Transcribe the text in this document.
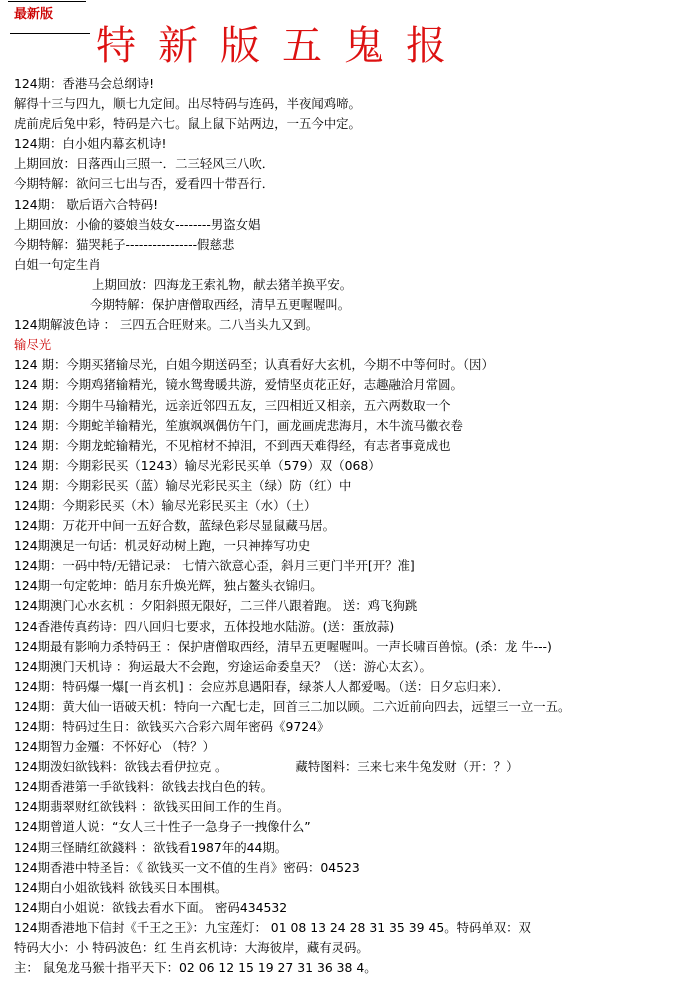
最新版
特新版五鬼报
124期：香港马会总纲诗!
解得十三与四九，顺七九定间。出尽特码与连码，半夜闻鸡啼。
虎前虎后兔中彩，特码是六七。鼠上鼠下站两边，一五今中定。
124期：白小姐内幕玄机诗!
上期回放：日落西山三照一．二三轻风三八吹．
今期特解：欲问三七出与否，爱看四十带吾行．
124期： 歇后语六合特码!
上期回放：小偷的婆娘当妓女--------男盗女娼
今期特解：猫哭耗子----------------假慈悲
白姐一句定生肖
上期回放：四海龙王索礼物，献去猪羊换平安。
今期特解：保护唐僧取西经，清早五更喔喔叫。
124期解波色诗 ： 三四五合旺财来。二八当头九又到。
输尽光
124 期：今期买猪输尽光，白姐今期送码至；认真看好大玄机，今期不中等何时。（因）
124 期：今期鸡猪输精光，镜水鸳鸯暖共游，爱情坚贞花正好，志趣融洽月常圆。
124 期：今期牛马输精光，远亲近邻四五友，三四相近又相亲，五六两数取一个
124 期：今期蛇羊输精光，笙旗飒飒偶仿午门，画龙画虎悲海月，木牛流马徽衣卷
124 期：今期龙蛇输精光，不见棺材不掉泪，不到西天难得经，有志者事竟成也
124 期：今期彩民买（1243）输尽光彩民买单（579）双（068）
124 期：今期彩民买（蓝）输尽光彩民买主（绿）防（红）中
124期：今期彩民买（木）输尽光彩民买主（水）（土）
124期：万花开中间一五好合数，蓝绿色彩尽显鼠藏马居。
124期澳足一句话：机灵好动树上跑，一只神捧写功史
124期：一码中特/无错记录： 七情六欲意心歪，斜月三更门半开[开？准]
124期一句定乾坤：皓月东升焕光辉，独占鳌头衣锦归。
124期澳门心水玄机 ：夕阳斜照无限好，二三伴八跟着跑。 送：鸡飞狗跳
124香港传真药诗：四八回归七要求，五体投地水陆游。(送：蛋放蒜)
124期最有影响力杀特码王 ：保护唐僧取西经，清早五更喔喔叫。一声长啸百兽惊。(杀：龙 牛---)
124期澳门天机诗 ：狗运最大不会跑，穷途运命委皇天？（送：游心太玄）。
124期：特码爆一爆[一肖玄机] ：会应苏息遇阳春，绿茶人人都爱喝。（送：日夕忘归来）．
124期：黄大仙一语破天机：特向一六配七走，回首三二加以顾。二六近前向四去，远望三一立一五。
124期：特码过生日：欲钱买六合彩六周年密码《9724》
124期智力金殭：不怀好心 （特？）
124期泼妇欲钱料：欲钱去看伊拉克 。	藏特图料：三来七来牛兔发财（开：？）
124期香港第一手欲钱料：欲钱去找白色的转。
124期翡翠财红欲钱料 ：欲钱买田间工作的生肖。
124期曾道人说：“女人三十性子一急身子一拽像什么”
124期三怪睛红欲錢料 ：欲钱看1987年的44期。
124期香港中特圣旨：《 欲钱买一文不值的生肖》密码：04523
124期白小姐欲钱料 欲钱买日本围棋。
124期白小姐说：欲钱去看水下面。 密码434532
124期香港地下信封《千王之王》：九宝莲灯： 01 08 13 24 28 31 35 39 45。特码单双：双
特码大小：小 特码波色：红 生肖玄机诗：大海彼岸，藏有灵码。
主： 鼠兔龙马猴十指平天下：02 06 12 15 19 27 31 36 38 4。
